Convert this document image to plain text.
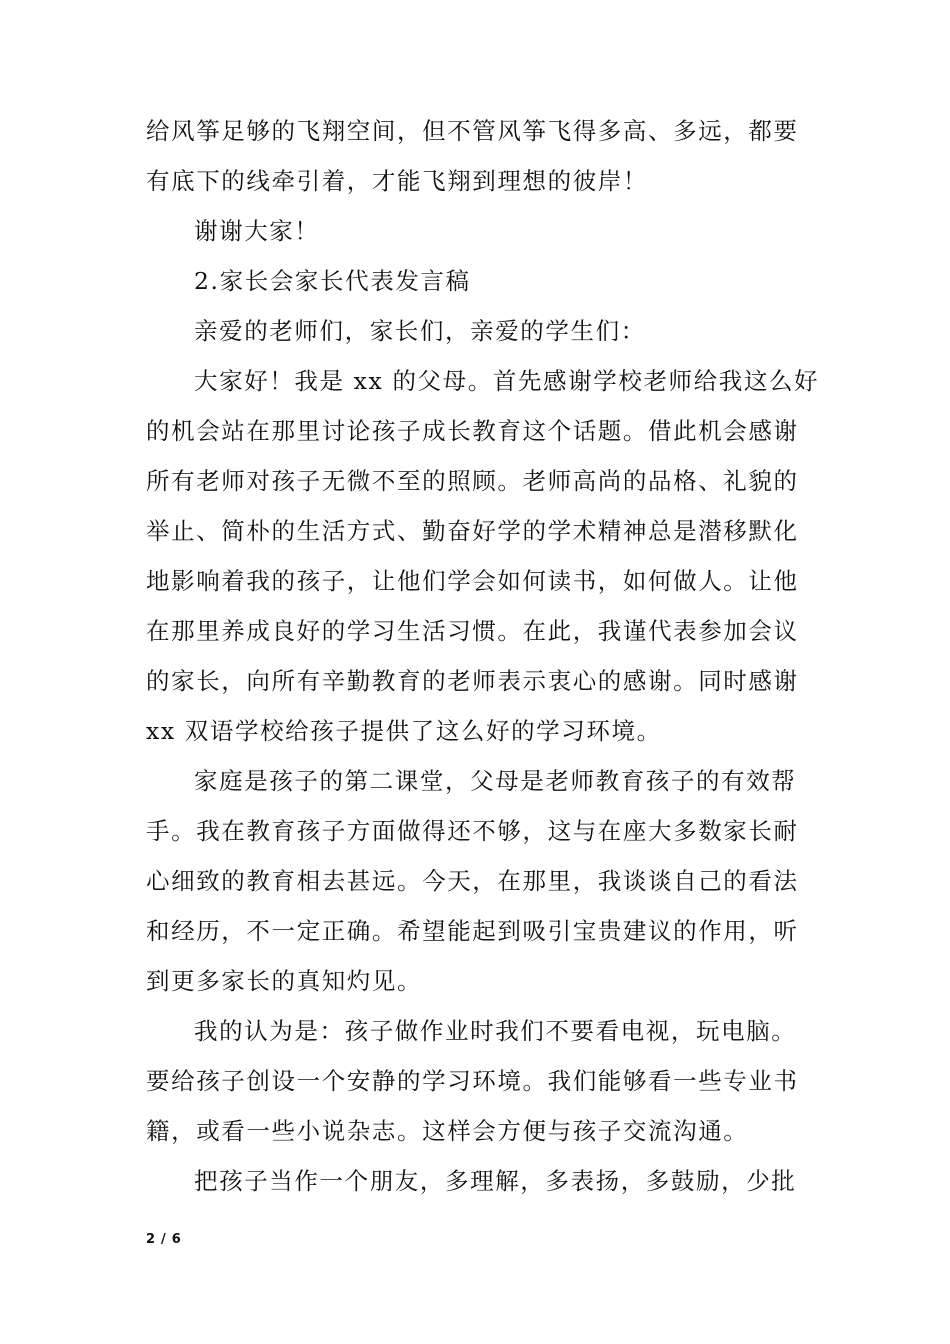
给风筝足够的飞翔空间，但不管风筝飞得多高、多远，都要
有底下的线牵引着，才能飞翔到理想的彼岸！
谢谢大家！
2.家长会家长代表发言稿
亲爱的老师们，家长们，亲爱的学生们：
大家好！我是 xx 的父母。首先感谢学校老师给我这么好
的机会站在那里讨论孩子成长教育这个话题。借此机会感谢
所有老师对孩子无微不至的照顾。老师高尚的品格、礼貌的
举止、简朴的生活方式、勤奋好学的学术精神总是潜移默化
地影响着我的孩子，让他们学会如何读书，如何做人。让他
在那里养成良好的学习生活习惯。在此，我谨代表参加会议
的家长，向所有辛勤教育的老师表示衷心的感谢。同时感谢
xx 双语学校给孩子提供了这么好的学习环境。
家庭是孩子的第二课堂，父母是老师教育孩子的有效帮
手。我在教育孩子方面做得还不够，这与在座大多数家长耐
心细致的教育相去甚远。今天，在那里，我谈谈自己的看法
和经历，不一定正确。希望能起到吸引宝贵建议的作用，听
到更多家长的真知灼见。
我的认为是：孩子做作业时我们不要看电视，玩电脑。
要给孩子创设一个安静的学习环境。我们能够看一些专业书
籍，或看一些小说杂志。这样会方便与孩子交流沟通。
把孩子当作一个朋友，多理解，多表扬，多鼓励，少批
2 / 6
